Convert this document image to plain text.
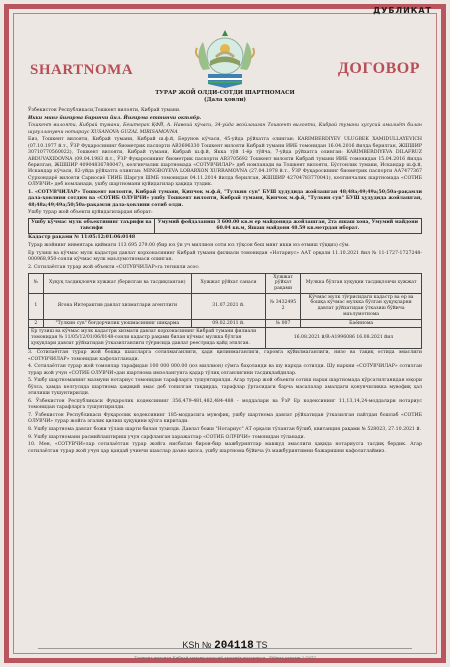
ДУБЛИКАТ
SHARTNOMA	ДОГОВОР
ТУРАР ЖОЙ ОЛДИ-СОТДИ ШАРТНОМАСИ
(Дала ҳовли)

Ўзбекистон Республикаси,Тошкент вилояти, Кибрай тумани.

Икки минг йигирма биринчи йил. Йигирма еттинчи октябр.

Тошкент вилояти, Кибрай тумани, Бештерак ҚФЙ, А. Навоий кўчаси, 34-уйда жойлашган Тошкент вилояти, Кибрай тумани хусусий амалиёт билан шуғулланувчи нотариус XUSANOVA GUZAL MIRISAMOVNA

Биз, Тошкент вилояти, Кибрай тумани, Кибрай ш.ф.й, Берунов кўчаси, 45-уйда рўйхатга олинган: KARIMBERDIYEV ULUGBEK XAMIDULLAYEVICH (07.10.1977 й.т., ЎЗР Фуқаросининг биометрик паспорти АВ3696330 Тошкент вилояти Кибрай тумани ИИБ томонидан 16.04.2016 йилда берилган, ЖШШИР 30710770560022), Тошкент вилояти, Кибрай тумани, Кибрай ш.ф.й, Якка тўй 1-ёр тўйча, 7-уйда рўйхатга олинган: KARIMBERDIYEVA DILAFRUZ ABDUVAXIDOVNA (09.04.1983 й.т., ЎЗР Фуқаросининг биометрик паспорти АВ3705692 Тошкент вилояти Кибрай тумани ИИБ томонидан 15.04.2016 йилда берилган, ЖШШИР 40904836780047), келгинчалик шартномада «СОТУВЧИЛАР» деб номланади ва Тошкент вилояти, Бўстонлик тумани, Искандар ш.ф.й, Искандар кўчаси, 82-уйда рўйхатга олинган: MINGBOYEVA LOBARXON XURRAMOVNA (27.04.1978 й.т., ЎЗР Фуқаросининг биометрик паспорти АА7477367 Сурхондарё вилояти Сариосиё ТИИБ Шаргун ШМБ томонидан 04.11.2014 йилда берилган, ЖШШИР 42704783770041), келгинчалик шартномада «СОТИБ ОЛУВЧИ» деб номланади, ушбу шартномани қуйидагилар ҳақида туздик.

1. «СОТУВЧИЛАР» Тошкент вилояти, Кибрай тумани, Қипчоқ м.ф.й, "Тулкин сув" БУШ ҳудудида жойлашган 48;48а;49;49а;50;50а-рақамли дала-ҳовлини сотдим ва «СОТИБ ОЛУВЧИ» ушбу Тошкент вилояти, Кибрай тумани, Қипчоқ м.ф.й, "Тулкин сув" БУШ ҳудудида жойлашган, 48;48а;49;49а;50;50а-рақамли дала-ҳовлини сотиб олди.

Ушбу турар жой объекти қуйидагилардан иборат:

Ушбу кўчмас мулк объектининг таърифи ва тавсифи	Умумий фойдаланиш 3 600.00 кв.м ер майдонида жойлашган, 2та яшаш хона, Умумий майдони 60.04 кв.м, Яшаш майдони 48.59 кв.метрдан иборат.

Кадастр рақами № 11:05:12:01:06:0148

Турар жойнинг инвентарь қиймати 113 695 279.00 (бир юз ўн уч миллион олти юз тўқсон беш минг икки юз етмиш тўққиз) сўм.

Ер тузиш ва кўчмас мулк кадастри давлат корхонасининг Кибрай тумани филиали томонидан «Нотариус» ААТ орқали 11.10.2021 йил № 11-1727-1727248-000968,950-сонли кўчмас мулк маълумотномаси олинган.

2. Сотилаётган турар жой объекти «СОТУВЧИЛАР»га тегишли асос:

№	Хуқуқ тасдиқловчи хужжат (берилган ва тасдиқланган)	Хужжат рўйхат санаси	Хужжат рўйхат рақами	Мулкка бўлган хуқуқни тасдиқловчи хужжат
1	Ягона Интерактив давлат хизматлари агентлиги	31.07.2021 й.	№ 3432495 2	Кўчмас мулк тўғрисидаги кадастр ва ер ва бошқа кўчмас мулкка бўлган ҳуқуқларни давлат рўйхатидан ўтказиш бўйича маълумотнома
2	"Тулкин сув" боғдорчилик уюшмасининг шиқарма	09.02.2011 й.	№ 007	Баённома
Ер тузиш ва кўчмас мулк кадастри хизмати давлат корхонасининг Кибрай тумани филиали томонидан № 11/05/12/01/06/0148-сонли кадастр рақами билан кўчмас мулкка бўлган ҳуқуқлари давлат рўйхатидан ўтказилганлиги тўғрисида давлат реестрида қайд этилган.			16.08.2021 й/R-A1996086 16.08.2021 йил	

3. Сотилаётган турар жой бошқа шахсларга сотилмаганлиги, ҳадя қилинмаганлиги, гаровга қўйилмаганлиги, низо ва тақиқ остида эмаслиги «СОТУВЧИЛАР» томонидан кафолатланади.

4. Сотилаётган турар жой томонлар тарафидан 100 000 000.00 (юз миллион) сўмга баҳоланди ва шу нархда сотилди. Шу нархни «СОТУВЧИЛАР» сотилган турар жой учун «СОТИБ ОЛУВЧИ»дан шартнома имзолангунга қадар тўлиқ олганлигини тасдиқлайдилар.

5. Ушбу шартноманинг мазмуни нотариус томонидан тарафларга тушунтирилди. Агар турар жой объекти сотиш нархи шартномада кўрсатилганидан юқори бўлса, ҳамда келгусида шартнома ҳақиқий эмас деб топилган тақдирда, тарафлар ўртасидаги барча масалалар амалдаги қонунчиликка мувофиқ ҳал этилиши тушунтирилди.

6. Ўзбекистон Республикаси Фуқаролик кодексининг 356,479-481,482,484-488 - моддалари ва ЎзР Ер кодексининг 11,13,14,24-моддалари нотариус томонидан тарафларга тушунтирилди.

7. Ўзбекистон Республикаси Фуқаролик кодексининг 185-моддасига мувофиқ, ушбу шартнома давлат рўйхатидан ўтказилган пайтдан бошлаб «СОТИБ ОЛУВЧИ» турар жойга эгалик қилиш ҳуқуқини қўлга киритади.

8. Ушбу шартнома давлат божи тўлаш шарти билан тузилди. Давлат божи "Нотариус" АТ орқали тўланган бўлиб, квитанция рақами № 528023, 27.10.2021 й.

9. Ушбу шартномани расмийлаштириш учун сарфланган харажатлар «СОТИБ ОЛУВЧИ» томонидан тўланади.

10. Мен, «СОТУВЧИ»лар сотилаётган турар жойга нисбатан бирон-бир мажбуриятлар мавжуд эмаслиги ҳақида нотариусга тасдиқ бердик. Агар сотилаётган турар жой учун ҳар қандай учинчи шахслар даъво қилса, ушбу шартнома бўйича ўз мажбуриятимни бажаришни кафолатлаймиз.

KSh № 204118 TS
Тошкент вилояти Кибрай тумани хусусий амалиёт нотариуси · Рўйхат рақами 2-1877
